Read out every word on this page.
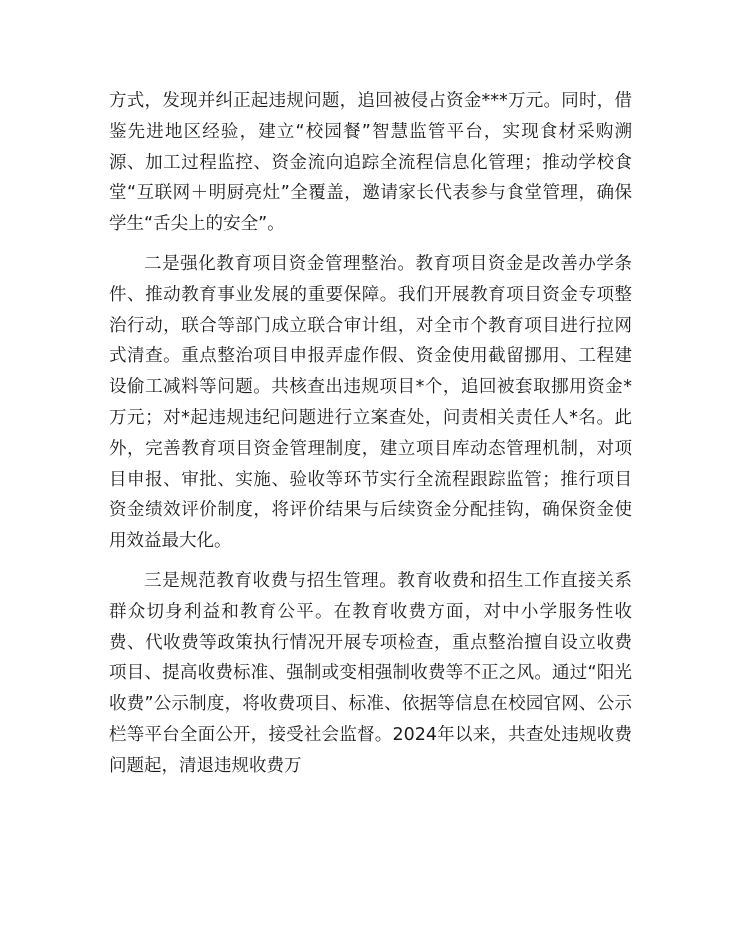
方式，发现并纠正起违规问题，追回被侵占资金***万元。同时，借鉴先进地区经验，建立“校园餐”智慧监管平台，实现食材采购溯源、加工过程监控、资金流向追踪全流程信息化管理；推动学校食堂“互联网＋明厨亮灶”全覆盖，邀请家长代表参与食堂管理，确保学生“舌尖上的安全”。

二是强化教育项目资金管理整治。教育项目资金是改善办学条件、推动教育事业发展的重要保障。我们开展教育项目资金专项整治行动，联合等部门成立联合审计组，对全市个教育项目进行拉网式清查。重点整治项目申报弄虚作假、资金使用截留挪用、工程建设偷工减料等问题。共核查出违规项目*个，追回被套取挪用资金*万元；对*起违规违纪问题进行立案查处，问责相关责任人*名。此外，完善教育项目资金管理制度，建立项目库动态管理机制，对项目申报、审批、实施、验收等环节实行全流程跟踪监管；推行项目资金绩效评价制度，将评价结果与后续资金分配挂钩，确保资金使用效益最大化。

三是规范教育收费与招生管理。教育收费和招生工作直接关系群众切身利益和教育公平。在教育收费方面，对中小学服务性收费、代收费等政策执行情况开展专项检查，重点整治擅自设立收费项目、提高收费标准、强制或变相强制收费等不正之风。通过“阳光收费”公示制度，将收费项目、标准、依据等信息在校园官网、公示栏等平台全面公开，接受社会监督。2024年以来，共查处违规收费问题起，清退违规收费万
